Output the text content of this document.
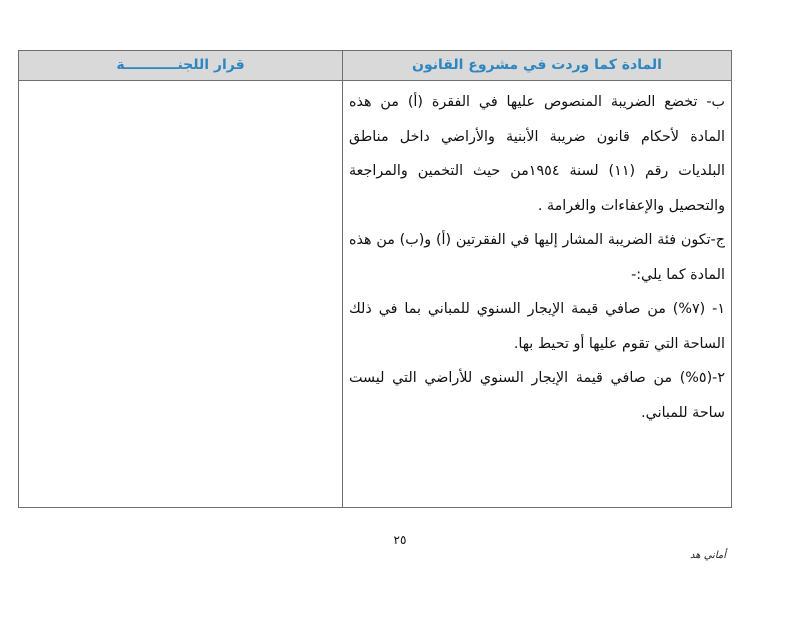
المادة كما وردت في مشروع القانون
قرار اللجنـــــــــــة

ب- تخضع الضريبة المنصوص عليها في الفقرة (أ) من هذه المادة لأحكام قانون ضريبة الأبنية والأراضي داخل مناطق البلديات رقم (١١) لسنة ١٩٥٤من حيث التخمين والمراجعة والتحصيل والإعفاءات والغرامة .

ج-تكون فئة الضريبة المشار إليها في الفقرتين (أ) و(ب) من هذه المادة كما يلي:-

١- (٧%) من صافي قيمة الإيجار السنوي للمباني بما في ذلك الساحة التي تقوم عليها أو تحيط بها.

٢-(٥%) من صافي قيمة الإيجار السنوي للأراضي التي ليست ساحة للمباني.

٢٥
أماني هد
